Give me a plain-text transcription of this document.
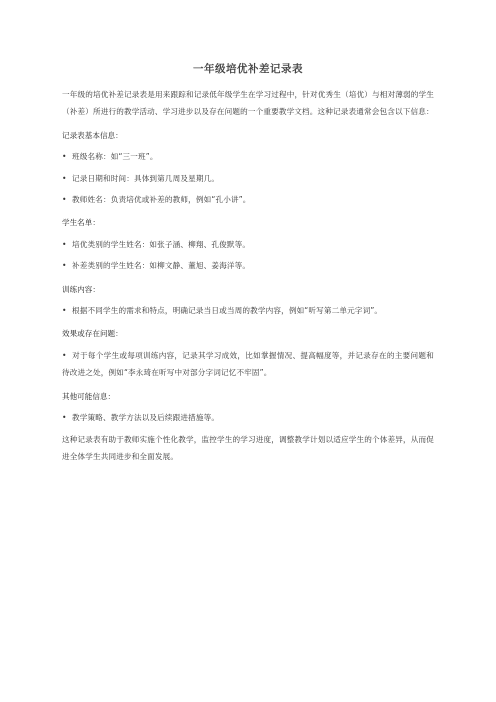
一年级培优补差记录表

一年级的培优补差记录表是用来跟踪和记录低年级学生在学习过程中，针对优秀生（培优）与相对薄弱的学生（补差）所进行的教学活动、学习进步以及存在问题的一个重要教学文档。这种记录表通常会包含以下信息：

记录表基本信息：
• 班级名称：如“三一班”。
• 记录日期和时间：具体到第几周及星期几。
• 教师姓名：负责培优或补差的教师，例如“孔小讲”。
学生名单：
• 培优类别的学生姓名：如张子涵、柳翔、孔俊默等。
• 补差类别的学生姓名：如柳文静、董旭、姜海洋等。
训练内容：
• 根据不同学生的需求和特点，明确记录当日或当周的教学内容，例如“听写第二单元字词”。
效果或存在问题：
• 对于每个学生或每项训练内容，记录其学习成效，比如掌握情况、提高幅度等，并记录存在的主要问题和待改进之处，例如“李永琦在听写中对部分字词记忆不牢固”。
其他可能信息：
• 教学策略、教学方法以及后续跟进措施等。

这种记录表有助于教师实施个性化教学，监控学生的学习进度，调整教学计划以适应学生的个体差异，从而促进全体学生共同进步和全面发展。
